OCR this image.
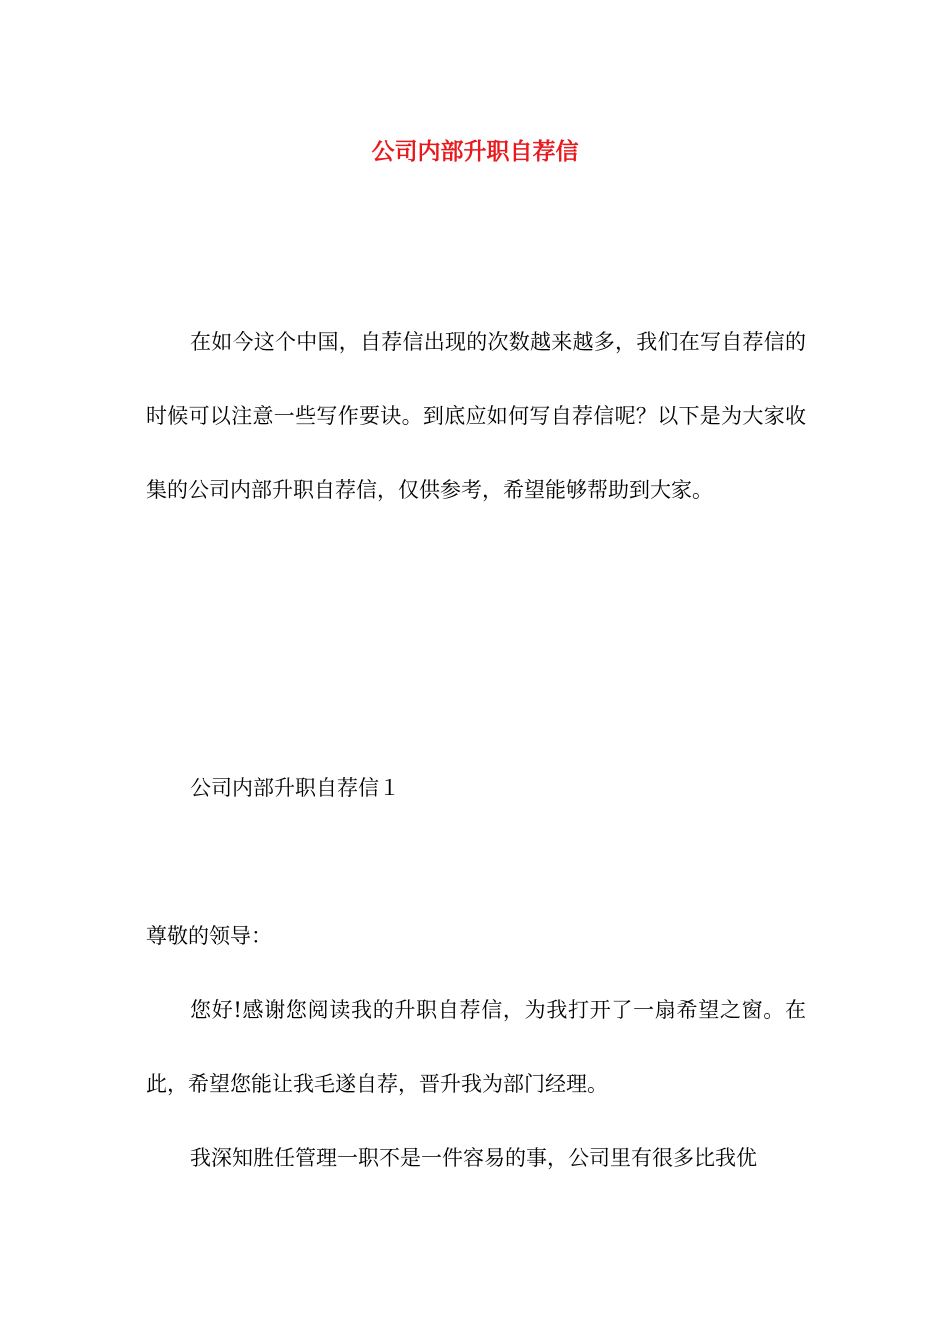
公司内部升职自荐信
在如今这个中国，自荐信出现的次数越来越多，我们在写自荐信的时候可以注意一些写作要诀。到底应如何写自荐信呢？以下是为大家收集的公司内部升职自荐信，仅供参考，希望能够帮助到大家。
公司内部升职自荐信１
尊敬的领导：
您好!感谢您阅读我的升职自荐信，为我打开了一扇希望之窗。在此，希望您能让我毛遂自荐，晋升我为部门经理。
我深知胜任管理一职不是一件容易的事，公司里有很多比我优
